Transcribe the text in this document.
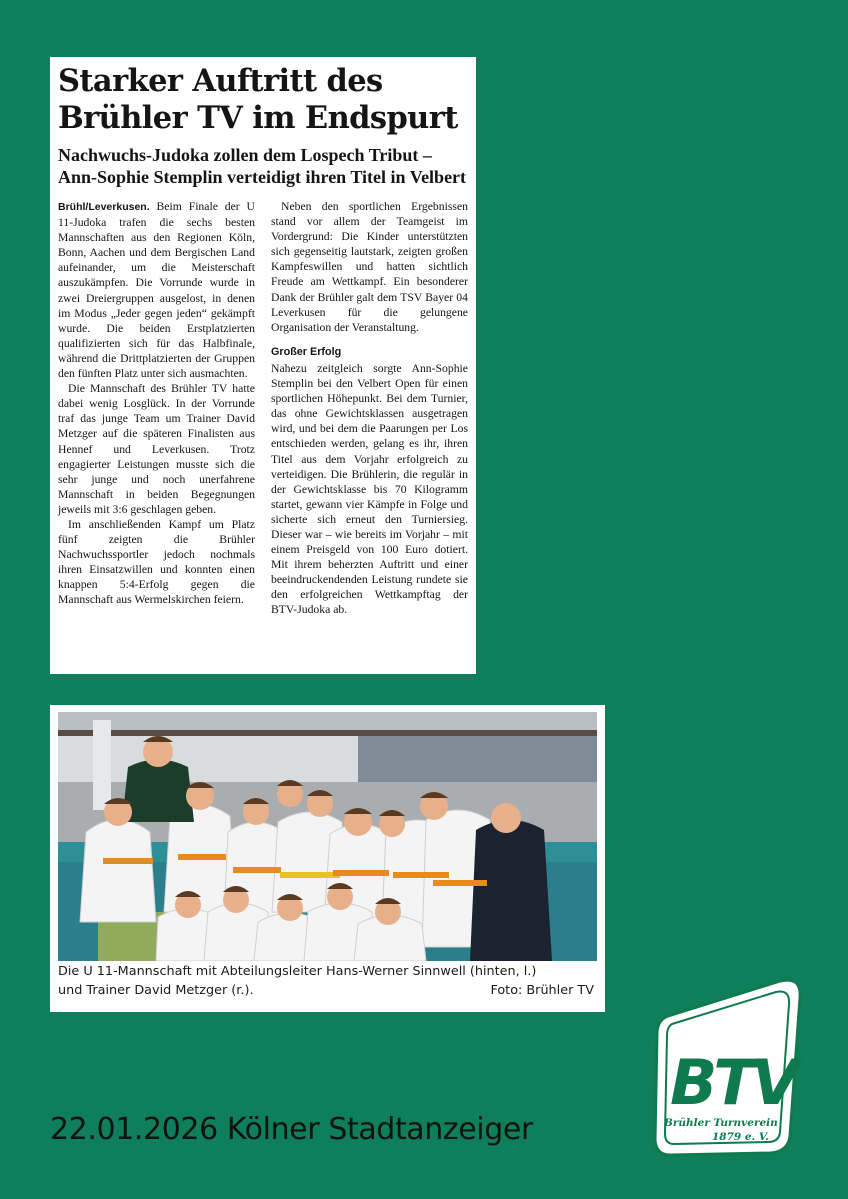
Starker Auftritt des
Brühler TV im Endspurt
Nachwuchs-Judoka zollen dem Lospech Tribut –
Ann-Sophie Stemplin verteidigt ihren Titel in Velbert

Brühl/Leverkusen. Beim Finale der U 11-Judoka trafen die sechs besten Mannschaften aus den Regionen Köln, Bonn, Aachen und dem Bergischen Land aufeinander, um die Meisterschaft auszukämpfen. Die Vorrunde wurde in zwei Dreiergruppen ausgelost, in denen im Modus „Jeder gegen jeden“ gekämpft wurde. Die beiden Erstplatzierten qualifizierten sich für das Halbfinale, während die Drittplatzierten der Gruppen den fünften Platz unter sich ausmachten.

Die Mannschaft des Brühler TV hatte dabei wenig Losglück. In der Vorrunde traf das junge Team um Trainer David Metzger auf die späteren Finalisten aus Hennef und Leverkusen. Trotz engagierter Leistungen musste sich die sehr junge und noch unerfahrene Mannschaft in beiden Begegnungen jeweils mit 3:6 geschlagen geben.

Im anschließenden Kampf um Platz fünf zeigten die Brühler Nachwuchssportler jedoch nochmals ihren Einsatzwillen und konnten einen knappen 5:4-Erfolg gegen die Mannschaft aus Wermelskirchen feiern.

Neben den sportlichen Ergebnissen stand vor allem der Teamgeist im Vordergrund: Die Kinder unterstützten sich gegenseitig lautstark, zeigten großen Kampfeswillen und hatten sichtlich Freude am Wettkampf. Ein besonderer Dank der Brühler galt dem TSV Bayer 04 Leverkusen für die gelungene Organisation der Veranstaltung.

Großer Erfolg

Nahezu zeitgleich sorgte Ann-Sophie Stemplin bei den Velbert Open für einen sportlichen Höhepunkt. Bei dem Turnier, das ohne Gewichtsklassen ausgetragen wird, und bei dem die Paarungen per Los entschieden werden, gelang es ihr, ihren Titel aus dem Vorjahr erfolgreich zu verteidigen. Die Brühlerin, die regulär in der Gewichtsklasse bis 70 Kilogramm startet, gewann vier Kämpfe in Folge und sicherte sich erneut den Turniersieg. Dieser war – wie bereits im Vorjahr – mit einem Preisgeld von 100 Euro dotiert. Mit ihrem beherzten Auftritt und einer beeindruckendenden Leistung rundete sie den erfolgreichen Wettkampftag der BTV-Judoka ab.

Die U 11-Mannschaft mit Abteilungsleiter Hans-Werner Sinnwell (hinten, l.)
und Trainer David Metzger (r.).	Foto: Brühler TV
22.01.2026 Kölner Stadtanzeiger
BTV
Brühler Turnverein
1879 e. V.
